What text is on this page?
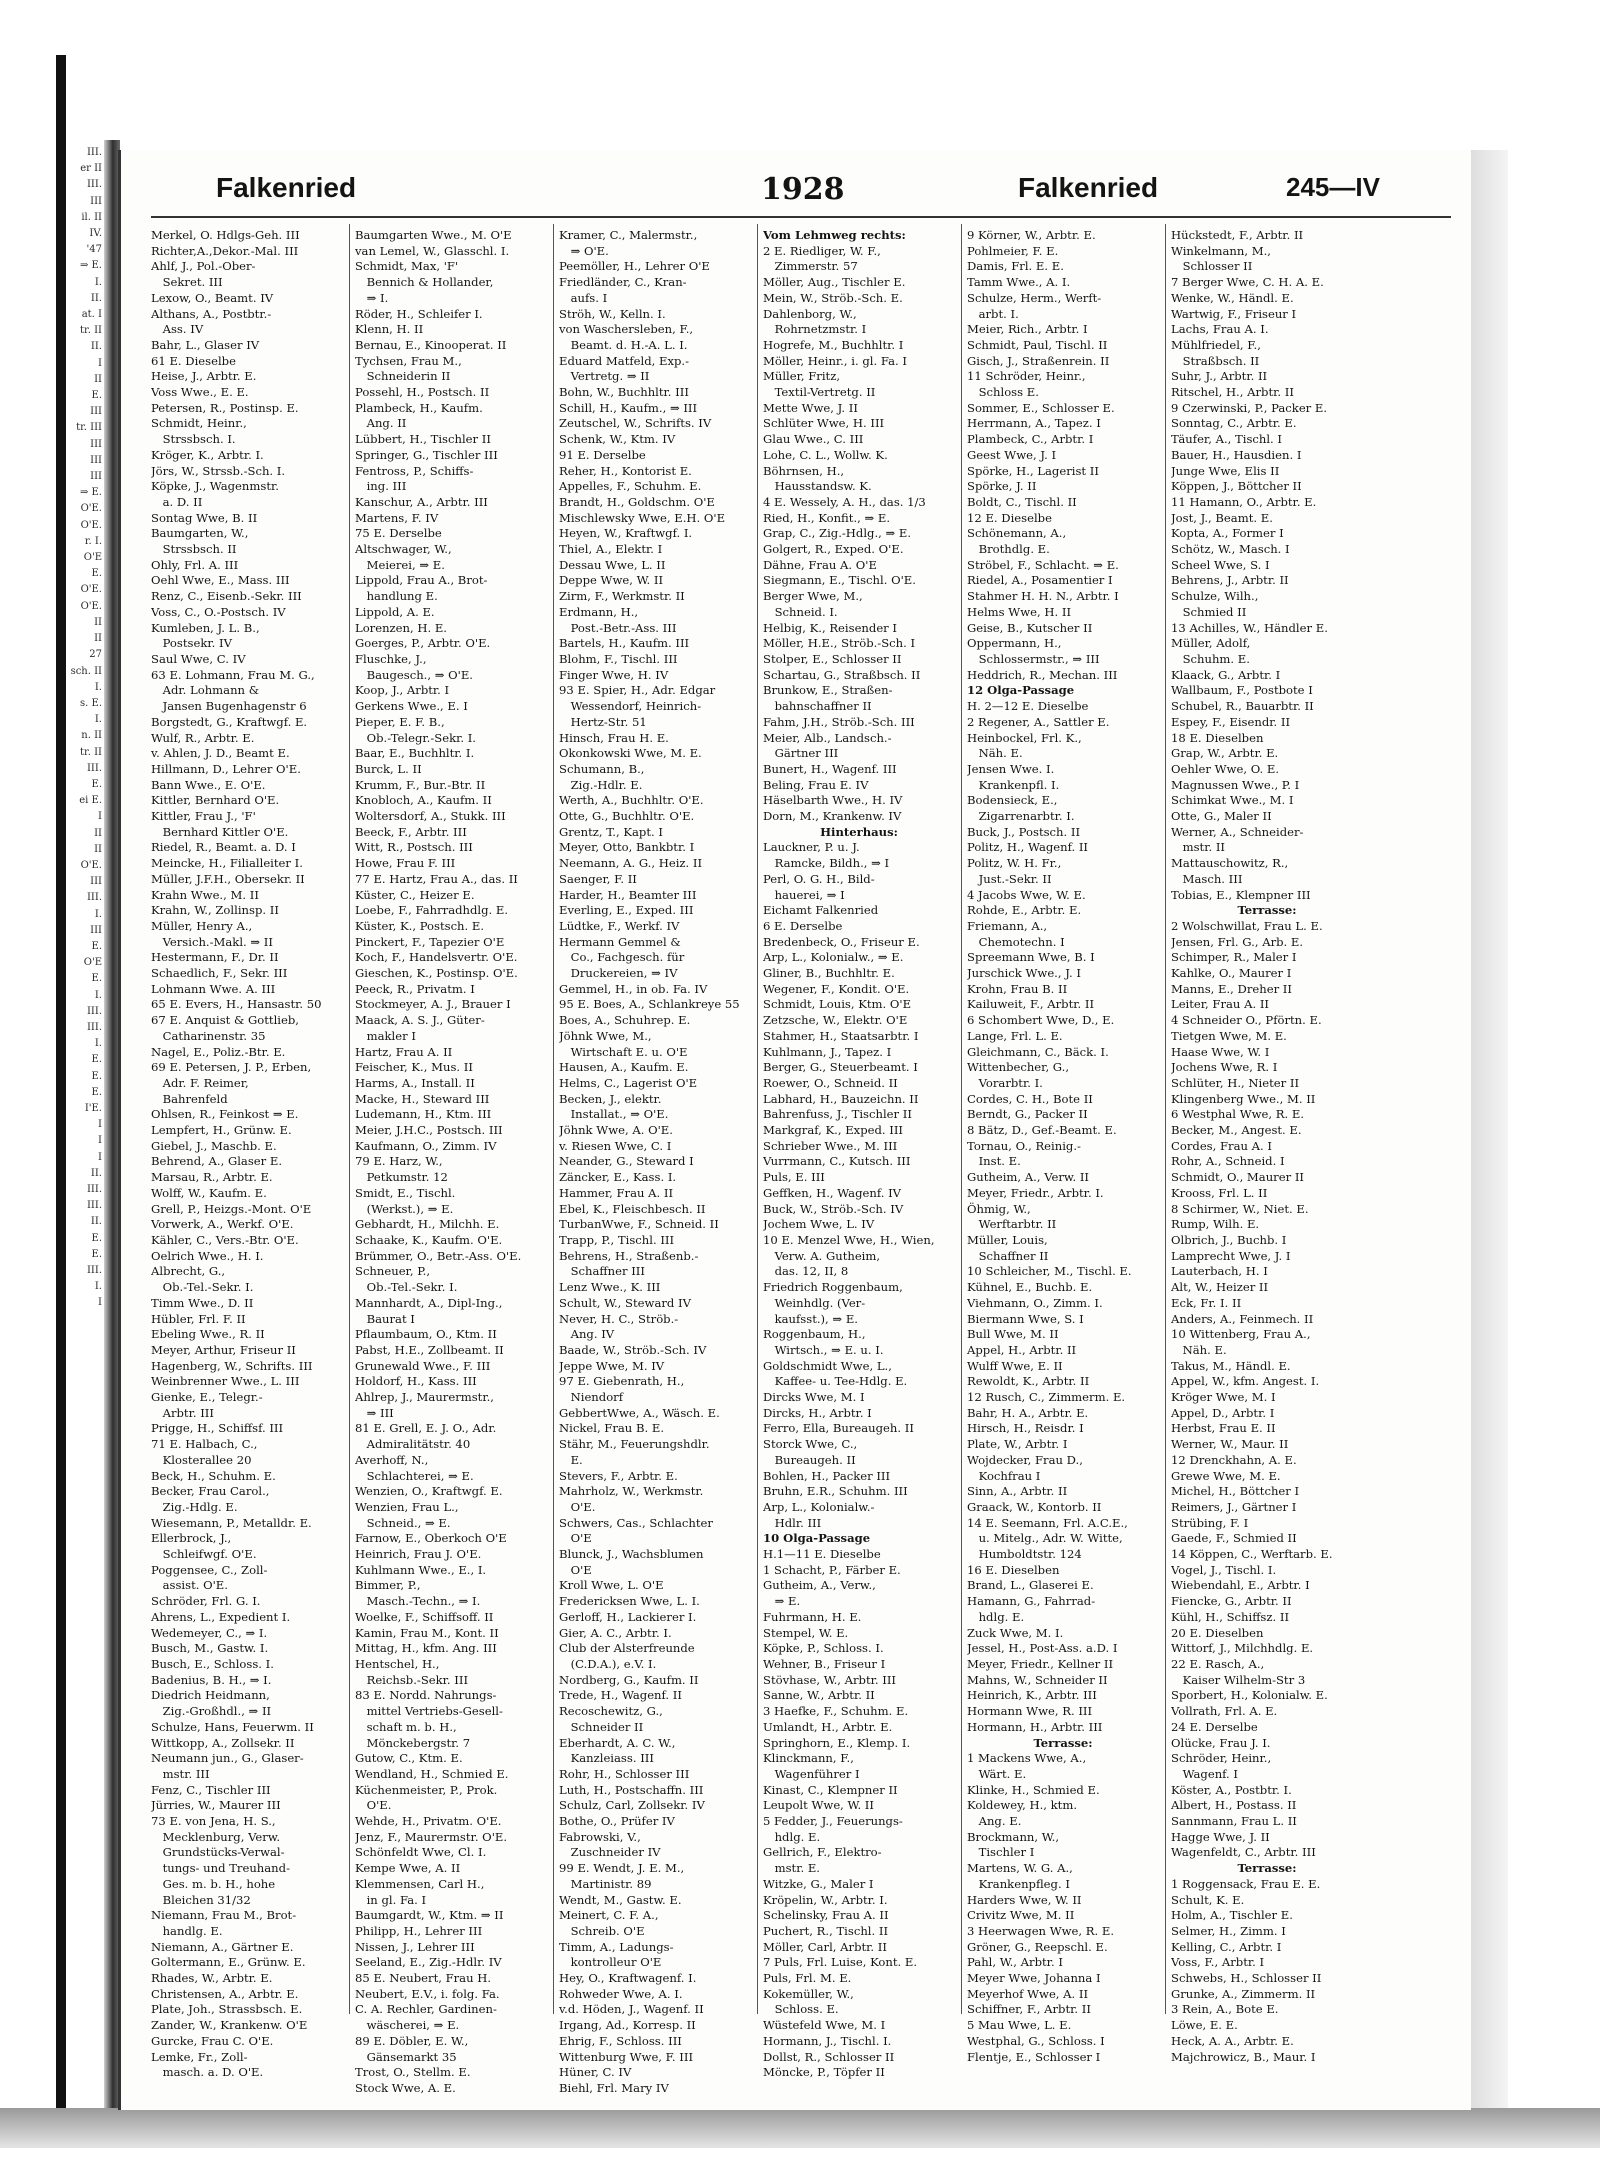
III.
er II
III.
III
il. II
IV.
'47
⇒ E.
I.
II.
at. I
tr. II
II.
I
II
E.
III
tr. III
III
III
III
⇒ E.
O'E.
O'E.
r. I.
O'E
E.
O'E.
O'E.
II
II
27
sch. II
I.
s. E.
I.
n. II
tr. II
III.
E.
ei E.
I
II
II
O'E.
III
III.
I.
III
E.
O'E
E.
I.
III.
III.
I.
E.
E.
E.
I'E.
I
I
I
II.
III.
III.
II.
E.
E.
III.
I.
I
Falkenried	1928	Falkenried	245—IV
Merkel, O. Hdlgs-Geh. III
Richter,A.,Dekor.-Mal. III
Ahlf, J., Pol.-Ober-
 Sekret. III
Lexow, O., Beamt. IV
Althans, A., Postbtr.-
 Ass. IV
Bahr, L., Glaser IV
61 E. Dieselbe
Heise, J., Arbtr. E.
Voss Wwe., E. E.
Petersen, R., Postinsp. E.
Schmidt, Heinr.,
 Strssbsch. I.
Kröger, K., Arbtr. I.
Jörs, W., Strssb.-Sch. I.
Köpke, J., Wagenmstr.
 a. D. II
Sontag Wwe, B. II
Baumgarten, W.,
 Strssbsch. II
Ohly, Frl. A. III
Oehl Wwe, E., Mass. III
Renz, C., Eisenb.-Sekr. III
Voss, C., O.-Postsch. IV
Kumleben, J. L. B.,
 Postsekr. IV
Saul Wwe, C. IV
63 E. Lohmann, Frau M. G.,
 Adr. Lohmann &
 Jansen Bugenhagenstr 6
Borgstedt, G., Kraftwgf. E.
Wulf, R., Arbtr. E.
v. Ahlen, J. D., Beamt E.
Hillmann, D., Lehrer O'E.
Bann Wwe., E. O'E.
Kittler, Bernhard O'E.
Kittler, Frau J., 'F'
 Bernhard Kittler O'E.
Riedel, R., Beamt. a. D. I
Meincke, H., Filialleiter I.
Müller, J.F.H., Obersekr. II
Krahn Wwe., M. II
Krahn, W., Zollinsp. II
Müller, Henry A.,
 Versich.-Makl. ⇒ II
Hestermann, F., Dr. II
Schaedlich, F., Sekr. III
Lohmann Wwe. A. III
65 E. Evers, H., Hansastr. 50
67 E. Anquist & Gottlieb,
 Catharinenstr. 35
Nagel, E., Poliz.-Btr. E.
69 E. Petersen, J. P., Erben,
 Adr. F. Reimer,
 Bahrenfeld
Ohlsen, R., Feinkost ⇒ E.
Lempfert, H., Grünw. E.
Giebel, J., Maschb. E.
Behrend, A., Glaser E.
Marsau, R., Arbtr. E.
Wolff, W., Kaufm. E.
Grell, P., Heizgs.-Mont. O'E
Vorwerk, A., Werkf. O'E.
Kähler, C., Vers.-Btr. O'E.
Oelrich Wwe., H. I.
Albrecht, G.,
 Ob.-Tel.-Sekr. I.
Timm Wwe., D. II
Hübler, Frl. F. II
Ebeling Wwe., R. II
Meyer, Arthur, Friseur II
Hagenberg, W., Schrifts. III
Weinbrenner Wwe., L. III
Gienke, E., Telegr.-
 Arbtr. III
Prigge, H., Schiffsf. III
71 E. Halbach, C.,
 Klosterallee 20
Beck, H., Schuhm. E.
Becker, Frau Carol.,
 Zig.-Hdlg. E.
Wiesemann, P., Metalldr. E.
Ellerbrock, J.,
 Schleifwgf. O'E.
Poggensee, C., Zoll-
 assist. O'E.
Schröder, Frl. G. I.
Ahrens, L., Expedient I.
Wedemeyer, C., ⇒ I.
Busch, M., Gastw. I.
Busch, E., Schloss. I.
Badenius, B. H., ⇒ I.
Diedrich Heidmann,
 Zig.-Großhdl., ⇒ II
Schulze, Hans, Feuerwm. II
Wittkopp, A., Zollsekr. II
Neumann jun., G., Glaser-
 mstr. III
Fenz, C., Tischler III
Jürries, W., Maurer III
73 E. von Jena, H. S.,
 Mecklenburg, Verw.
 Grundstücks-Verwal-
 tungs- und Treuhand-
 Ges. m. b. H., hohe
 Bleichen 31/32
Niemann, Frau M., Brot-
 handlg. E.
Niemann, A., Gärtner E.
Goltermann, E., Grünw. E.
Rhades, W., Arbtr. E.
Christensen, A., Arbtr. E.
Plate, Joh., Strassbsch. E.
Zander, W., Krankenw. O'E
Gurcke, Frau C. O'E.
Lemke, Fr., Zoll-
 masch. a. D. O'E.
Baumgarten Wwe., M. O'E
van Lemel, W., Glasschl. I.
Schmidt, Max, 'F'
 Bennich & Hollander,
 ⇒ I.
Röder, H., Schleifer I.
Klenn, H. II
Bernau, E., Kinooperat. II
Tychsen, Frau M.,
 Schneiderin II
Possehl, H., Postsch. II
Plambeck, H., Kaufm.
 Ang. II
Lübbert, H., Tischler II
Springer, G., Tischler III
Fentross, P., Schiffs-
 ing. III
Kanschur, A., Arbtr. III
Martens, F. IV
75 E. Derselbe
Altschwager, W.,
 Meierei, ⇒ E.
Lippold, Frau A., Brot-
 handlung E.
Lippold, A. E.
Lorenzen, H. E.
Goerges, P., Arbtr. O'E.
Fluschke, J.,
 Baugesch., ⇒ O'E.
Koop, J., Arbtr. I
Gerkens Wwe., E. I
Pieper, E. F. B.,
 Ob.-Telegr.-Sekr. I.
Baar, E., Buchhltr. I.
Burck, L. II
Krumm, F., Bur.-Btr. II
Knobloch, A., Kaufm. II
Woltersdorf, A., Stukk. III
Beeck, F., Arbtr. III
Witt, R., Postsch. III
Howe, Frau F. III
77 E. Hartz, Frau A., das. II
Küster, C., Heizer E.
Loebe, F., Fahrradhdlg. E.
Küster, K., Postsch. E.
Pinckert, F., Tapezier O'E
Koch, F., Handelsvertr. O'E.
Gieschen, K., Postinsp. O'E.
Peeck, R., Privatm. I
Stockmeyer, A. J., Brauer I
Maack, A. S. J., Güter-
 makler I
Hartz, Frau A. II
Feischer, K., Mus. II
Harms, A., Install. II
Macke, H., Steward III
Ludemann, H., Ktm. III
Meier, J.H.C., Postsch. III
Kaufmann, O., Zimm. IV
79 E. Harz, W.,
 Petkumstr. 12
Smidt, E., Tischl.
 (Werkst.), ⇒ E.
Gebhardt, H., Milchh. E.
Schaake, K., Kaufm. O'E.
Brümmer, O., Betr.-Ass. O'E.
Schneuer, P.,
 Ob.-Tel.-Sekr. I.
Mannhardt, A., Dipl-Ing.,
 Baurat I
Pflaumbaum, O., Ktm. II
Pabst, H.E., Zollbeamt. II
Grunewald Wwe., F. III
Holdorf, H., Kass. III
Ahlrep, J., Maurermstr.,
 ⇒ III
81 E. Grell, E. J. O., Adr.
 Admiralitätstr. 40
Averhoff, N.,
 Schlachterei, ⇒ E.
Wenzien, O., Kraftwgf. E.
Wenzien, Frau L.,
 Schneid., ⇒ E.
Farnow, E., Oberkoch O'E
Heinrich, Frau J. O'E.
Kuhlmann Wwe., E., I.
Bimmer, P.,
 Masch.-Techn., ⇒ I.
Woelke, F., Schiffsoff. II
Kamin, Frau M., Kont. II
Mittag, H., kfm. Ang. III
Hentschel, H.,
 Reichsb.-Sekr. III
83 E. Nordd. Nahrungs-
 mittel Vertriebs-Gesell-
 schaft m. b. H.,
 Mönckebergstr. 7
Gutow, C., Ktm. E.
Wendland, H., Schmied E.
Küchenmeister, P., Prok.
 O'E.
Wehde, H., Privatm. O'E.
Jenz, F., Maurermstr. O'E.
Schönfeldt Wwe, Cl. I.
Kempe Wwe, A. II
Klemmensen, Carl H.,
 in gl. Fa. I
Baumgardt, W., Ktm. ⇒ II
Philipp, H., Lehrer III
Nissen, J., Lehrer III
Seeland, E., Zig.-Hdlr. IV
85 E. Neubert, Frau H.
Neubert, E.V., i. folg. Fa.
C. A. Rechler, Gardinen-
 wäscherei, ⇒ E.
89 E. Döbler, E. W.,
 Gänsemarkt 35
Trost, O., Stellm. E.
Stock Wwe, A. E.
Kramer, C., Malermstr.,
 ⇒ O'E.
Peemöller, H., Lehrer O'E
Friedländer, C., Kran-
 aufs. I
Ströh, W., Kelln. I.
von Waschersleben, F.,
 Beamt. d. H.-A. L. I.
Eduard Matfeld, Exp.-
 Vertretg. ⇒ II
Bohn, W., Buchhltr. III
Schill, H., Kaufm., ⇒ III
Zeutschel, W., Schrifts. IV
Schenk, W., Ktm. IV
91 E. Derselbe
Reher, H., Kontorist E.
Appelles, F., Schuhm. E.
Brandt, H., Goldschm. O'E
Mischlewsky Wwe, E.H. O'E
Heyen, W., Kraftwgf. I.
Thiel, A., Elektr. I
Dessau Wwe, L. II
Deppe Wwe, W. II
Zirm, F., Werkmstr. II
Erdmann, H.,
 Post.-Betr.-Ass. III
Bartels, H., Kaufm. III
Blohm, F., Tischl. III
Finger Wwe, H. IV
93 E. Spier, H., Adr. Edgar
 Wessendorf, Heinrich-
 Hertz-Str. 51
Hinsch, Frau H. E.
Okonkowski Wwe, M. E.
Schumann, B.,
 Zig.-Hdlr. E.
Werth, A., Buchhltr. O'E.
Otte, G., Buchhltr. O'E.
Grentz, T., Kapt. I
Meyer, Otto, Bankbtr. I
Neemann, A. G., Heiz. II
Saenger, F. II
Harder, H., Beamter III
Everling, E., Exped. III
Lüdtke, F., Werkf. IV
Hermann Gemmel &
 Co., Fachgesch. für
 Druckereien, ⇒ IV
Gemmel, H., in ob. Fa. IV
95 E. Boes, A., Schlankreye 55
Boes, A., Schuhrep. E.
Jöhnk Wwe, M.,
 Wirtschaft E. u. O'E
Hausen, A., Kaufm. E.
Helms, C., Lagerist O'E
Becken, J., elektr.
 Installat., ⇒ O'E.
Jöhnk Wwe, A. O'E.
v. Riesen Wwe, C. I
Neander, G., Steward I
Zäncker, E., Kass. I.
Hammer, Frau A. II
Ebel, K., Fleischbesch. II
TurbanWwe, F., Schneid. II
Trapp, P., Tischl. III
Behrens, H., Straßenb.-
 Schaffner III
Lenz Wwe., K. III
Schult, W., Steward IV
Never, H. C., Ströb.-
 Ang. IV
Baade, W., Ströb.-Sch. IV
Jeppe Wwe, M. IV
97 E. Giebenrath, H.,
 Niendorf
GebbertWwe, A., Wäsch. E.
Nickel, Frau B. E.
Stähr, M., Feuerungshdlr.
 E.
Stevers, F., Arbtr. E.
Mahrholz, W., Werkmstr.
 O'E.
Schwers, Cas., Schlachter
 O'E
Blunck, J., Wachsblumen
 O'E
Kroll Wwe, L. O'E
Fredericksen Wwe, L. I.
Gerloff, H., Lackierer I.
Gier, A. C., Arbtr. I.
Club der Alsterfreunde
 (C.D.A.), e.V. I.
Nordberg, G., Kaufm. II
Trede, H., Wagenf. II
Recoschewitz, G.,
 Schneider II
Eberhardt, A. C. W.,
 Kanzleiass. III
Rohr, H., Schlosser III
Luth, H., Postschaffn. III
Schulz, Carl, Zollsekr. IV
Bothe, O., Prüfer IV
Fabrowski, V.,
 Zuschneider IV
99 E. Wendt, J. E. M.,
 Martinistr. 89
Wendt, M., Gastw. E.
Meinert, C. F. A.,
 Schreib. O'E
Timm, A., Ladungs-
 kontrolleur O'E
Hey, O., Kraftwagenf. I.
Rohweder Wwe, A. I.
v.d. Höden, J., Wagenf. II
Irgang, Ad., Korresp. II
Ehrig, F., Schloss. III
Wittenburg Wwe, F. III
Hüner, C. IV
Biehl, Frl. Mary IV
Vom Lehmweg rechts:
2 E. Riedliger, W. F.,
 Zimmerstr. 57
Möller, Aug., Tischler E.
Mein, W., Ströb.-Sch. E.
Dahlenborg, W.,
 Rohrnetzmstr. I
Hogrefe, M., Buchhltr. I
Möller, Heinr., i. gl. Fa. I
Müller, Fritz,
 Textil-Vertretg. II
Mette Wwe, J. II
Schlüter Wwe, H. III
Glau Wwe., C. III
Lohe, C. L., Wollw. K.
Böhrnsen, H.,
 Hausstandsw. K.
4 E. Wessely, A. H., das. 1/3
Ried, H., Konfit., ⇒ E.
Grap, C., Zig.-Hdlg., ⇒ E.
Golgert, R., Exped. O'E.
Dähne, Frau A. O'E
Siegmann, E., Tischl. O'E.
Berger Wwe, M.,
 Schneid. I.
Helbig, K., Reisender I
Möller, H.E., Ströb.-Sch. I
Stolper, E., Schlosser II
Schartau, G., Straßbsch. II
Brunkow, E., Straßen-
 bahnschaffner II
Fahm, J.H., Ströb.-Sch. III
Meier, Alb., Landsch.-
 Gärtner III
Bunert, H., Wagenf. III
Beling, Frau E. IV
Häselbarth Wwe., H. IV
Dorn, M., Krankenw. IV
Hinterhaus:
Lauckner, P. u. J.
 Ramcke, Bildh., ⇒ I
Perl, O. G. H., Bild-
 hauerei, ⇒ I
Eichamt Falkenried
6 E. Derselbe
Bredenbeck, O., Friseur E.
Arp, L., Kolonialw., ⇒ E.
Gliner, B., Buchhltr. E.
Wegener, F., Kondit. O'E.
Schmidt, Louis, Ktm. O'E
Zetzsche, W., Elektr. O'E
Stahmer, H., Staatsarbtr. I
Kuhlmann, J., Tapez. I
Berger, G., Steuerbeamt. I
Roewer, O., Schneid. II
Labhard, H., Bauzeichn. II
Bahrenfuss, J., Tischler II
Markgraf, K., Exped. III
Schrieber Wwe., M. III
Vurrmann, C., Kutsch. III
Puls, E. III
Geffken, H., Wagenf. IV
Buck, W., Ströb.-Sch. IV
Jochem Wwe, L. IV
10 E. Menzel Wwe, H., Wien,
 Verw. A. Gutheim,
 das. 12, II, 8
Friedrich Roggenbaum,
 Weinhdlg. (Ver-
 kaufsst.), ⇒ E.
Roggenbaum, H.,
 Wirtsch., ⇒ E. u. I.
Goldschmidt Wwe, L.,
 Kaffee- u. Tee-Hdlg. E.
Dircks Wwe, M. I
Dircks, H., Arbtr. I
Ferro, Ella, Bureaugeh. II
Storck Wwe, C.,
 Bureaugeh. II
Bohlen, H., Packer III
Bruhn, E.R., Schuhm. III
Arp, L., Kolonialw.-
 Hdlr. III
10 Olga-Passage
H.1—11 E. Dieselbe
1 Schacht, P., Färber E.
Gutheim, A., Verw.,
 ⇒ E.
Fuhrmann, H. E.
Stempel, W. E.
Köpke, P., Schloss. I.
Wehner, B., Friseur I
Stövhase, W., Arbtr. III
Sanne, W., Arbtr. II
3 Haefke, F., Schuhm. E.
Umlandt, H., Arbtr. E.
Springhorn, E., Klemp. I.
Klinckmann, F.,
 Wagenführer I
Kinast, C., Klempner II
Leupolt Wwe, W. II
5 Fedder, J., Feuerungs-
 hdlg. E.
Gellrich, F., Elektro-
 mstr. E.
Witzke, G., Maler I
Kröpelin, W., Arbtr. I.
Schelinsky, Frau A. II
Puchert, R., Tischl. II
Möller, Carl, Arbtr. II
7 Puls, Frl. Luise, Kont. E.
Puls, Frl. M. E.
Kokemüller, W.,
 Schloss. E.
Wüstefeld Wwe, M. I
Hormann, J., Tischl. I.
Dollst, R., Schlosser II
Möncke, P., Töpfer II
9 Körner, W., Arbtr. E.
Pohlmeier, F. E.
Damis, Frl. E. E.
Tamm Wwe., A. I.
Schulze, Herm., Werft-
 arbt. I.
Meier, Rich., Arbtr. I
Schmidt, Paul, Tischl. II
Gisch, J., Straßenrein. II
11 Schröder, Heinr.,
 Schloss E.
Sommer, E., Schlosser E.
Herrmann, A., Tapez. I
Plambeck, C., Arbtr. I
Geest Wwe, J. I
Spörke, H., Lagerist II
Spörke, J. II
Boldt, C., Tischl. II
12 E. Dieselbe
Schönemann, A.,
 Brothdlg. E.
Ströbel, F., Schlacht. ⇒ E.
Riedel, A., Posamentier I
Stahmer H. H. N., Arbtr. I
Helms Wwe, H. II
Geise, B., Kutscher II
Oppermann, H.,
 Schlossermstr., ⇒ III
Heddrich, R., Mechan. III
12 Olga-Passage
H. 2—12 E. Dieselbe
2 Regener, A., Sattler E.
Heinbockel, Frl. K.,
 Näh. E.
Jensen Wwe. I.
 Krankenpfl. I.
Bodensieck, E.,
 Zigarrenarbtr. I.
Buck, J., Postsch. II
Politz, H., Wagenf. II
Politz, W. H. Fr.,
 Just.-Sekr. II
4 Jacobs Wwe, W. E.
Rohde, E., Arbtr. E.
Friemann, A.,
 Chemotechn. I
Spreemann Wwe, B. I
Jurschick Wwe., J. I
Krohn, Frau B. II
Kailuweit, F., Arbtr. II
6 Schombert Wwe, D., E.
Lange, Frl. L. E.
Gleichmann, C., Bäck. I.
Wittenbecher, G.,
 Vorarbtr. I.
Cordes, C. H., Bote II
Berndt, G., Packer II
8 Bätz, D., Gef.-Beamt. E.
Tornau, O., Reinig.-
 Inst. E.
Gutheim, A., Verw. II
Meyer, Friedr., Arbtr. I.
Öhmig, W.,
 Werftarbtr. II
Müller, Louis,
 Schaffner II
10 Schleicher, M., Tischl. E.
Kühnel, E., Buchb. E.
Viehmann, O., Zimm. I.
Biermann Wwe, S. I
Bull Wwe, M. II
Appel, H., Arbtr. II
Wulff Wwe, E. II
Rewoldt, K., Arbtr. II
12 Rusch, C., Zimmerm. E.
Bahr, H. A., Arbtr. E.
Hirsch, H., Reisdr. I
Plate, W., Arbtr. I
Wojdecker, Frau D.,
 Kochfrau I
Sinn, A., Arbtr. II
Graack, W., Kontorb. II
14 E. Seemann, Frl. A.C.E.,
 u. Mitelg., Adr. W. Witte,
 Humboldtstr. 124
16 E. Dieselben
Brand, L., Glaserei E.
Hamann, G., Fahrrad-
 hdlg. E.
Zuck Wwe, M. I.
Jessel, H., Post-Ass. a.D. I
Meyer, Friedr., Kellner II
Mahns, W., Schneider II
Heinrich, K., Arbtr. III
Hormann Wwe, R. III
Hormann, H., Arbtr. III
Terrasse:
1 Mackens Wwe, A.,
 Wärt. E.
Klinke, H., Schmied E.
Koldewey, H., ktm.
 Ang. E.
Brockmann, W.,
 Tischler I
Martens, W. G. A.,
 Krankenpfleg. I
Harders Wwe, W. II
Crivitz Wwe, M. II
3 Heerwagen Wwe, R. E.
Gröner, G., Reepschl. E.
Pahl, W., Arbtr. I
Meyer Wwe, Johanna I
Meyerhof Wwe, A. II
Schiffner, F., Arbtr. II
5 Mau Wwe, L. E.
Westphal, G., Schloss. I
Flentje, E., Schlosser I
Hückstedt, F., Arbtr. II
Winkelmann, M.,
 Schlosser II
7 Berger Wwe, C. H. A. E.
Wenke, W., Händl. E.
Wartwig, F., Friseur I
Lachs, Frau A. I.
Mühlfriedel, F.,
 Straßbsch. II
Suhr, J., Arbtr. II
Ritschel, H., Arbtr. II
9 Czerwinski, P., Packer E.
Sonntag, C., Arbtr. E.
Täufer, A., Tischl. I
Bauer, H., Hausdien. I
Junge Wwe, Elis II
Köppen, J., Böttcher II
11 Hamann, O., Arbtr. E.
Jost, J., Beamt. E.
Kopta, A., Former I
Schötz, W., Masch. I
Scheel Wwe, S. I
Behrens, J., Arbtr. II
Schulze, Wilh.,
 Schmied II
13 Achilles, W., Händler E.
Müller, Adolf,
 Schuhm. E.
Klaack, G., Arbtr. I
Wallbaum, F., Postbote I
Schubel, R., Bauarbtr. II
Espey, F., Eisendr. II
18 E. Dieselben
Grap, W., Arbtr. E.
Oehler Wwe, O. E.
Magnussen Wwe., P. I
Schimkat Wwe., M. I
Otte, G., Maler II
Werner, A., Schneider-
 mstr. II
Mattauschowitz, R.,
 Masch. III
Tobias, E., Klempner III
Terrasse:
2 Wolschwillat, Frau L. E.
Jensen, Frl. G., Arb. E.
Schimper, R., Maler I
Kahlke, O., Maurer I
Manns, E., Dreher II
Leiter, Frau A. II
4 Schneider O., Pförtn. E.
Tietgen Wwe, M. E.
Haase Wwe, W. I
Jochens Wwe, R. I
Schlüter, H., Nieter II
Klingenberg Wwe., M. II
6 Westphal Wwe, R. E.
Becker, M., Angest. E.
Cordes, Frau A. I
Rohr, A., Schneid. I
Schmidt, O., Maurer II
Krooss, Frl. L. II
8 Schirmer, W., Niet. E.
Rump, Wilh. E.
Olbrich, J., Buchb. I
Lamprecht Wwe, J. I
Lauterbach, H. I
Alt, W., Heizer II
Eck, Fr. I. II
Anders, A., Feinmech. II
10 Wittenberg, Frau A.,
 Näh. E.
Takus, M., Händl. E.
Appel, W., kfm. Angest. I.
Kröger Wwe, M. I
Appel, D., Arbtr. I
Herbst, Frau E. II
Werner, W., Maur. II
12 Drenckhahn, A. E.
Grewe Wwe, M. E.
Michel, H., Böttcher I
Reimers, J., Gärtner I
Strübing, F. I
Gaede, F., Schmied II
14 Köppen, C., Werftarb. E.
Vogel, J., Tischl. I.
Wiebendahl, E., Arbtr. I
Fiencke, G., Arbtr. II
Kühl, H., Schiffsz. II
20 E. Dieselben
Wittorf, J., Milchhdlg. E.
22 E. Rasch, A.,
 Kaiser Wilhelm-Str 3
Sporbert, H., Kolonialw. E.
Vollrath, Frl. A. E.
24 E. Derselbe
Olücke, Frau J. I.
Schröder, Heinr.,
 Wagenf. I
Köster, A., Postbtr. I.
Albert, H., Postass. II
Sannmann, Frau L. II
Hagge Wwe, J. II
Wagenfeldt, C., Arbtr. III
Terrasse:
1 Roggensack, Frau E. E.
Schult, K. E.
Holm, A., Tischler E.
Selmer, H., Zimm. I
Kelling, C., Arbtr. I
Voss, F., Arbtr. I
Schwebs, H., Schlosser II
Grunke, A., Zimmerm. II
3 Rein, A., Bote E.
Löwe, E. E.
Heck, A. A., Arbtr. E.
Majchrowicz, B., Maur. I
